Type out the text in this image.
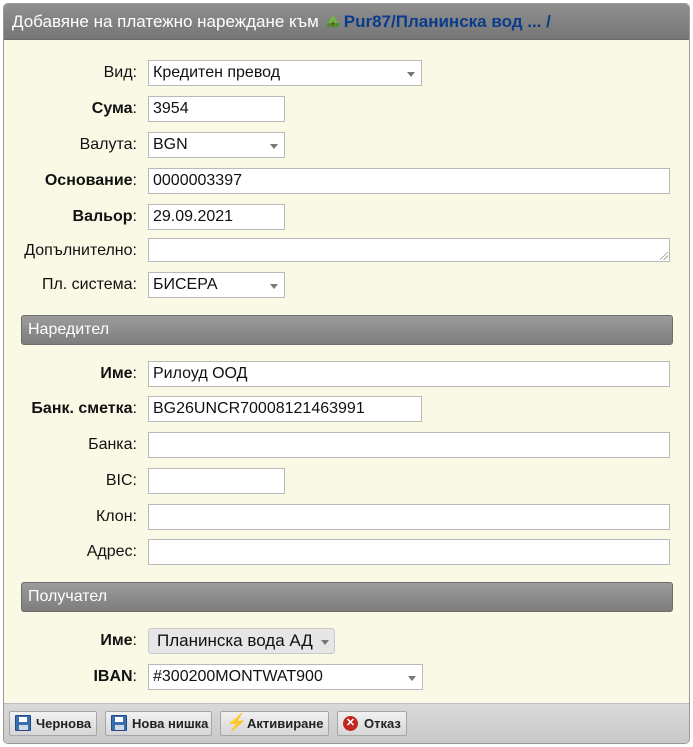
Добавяне на платежно нареждане към Pur87/Планинска вод ... /
Вид:	Кредитен превод
Сума:	3954
Валута:	BGN
Основание:	0000003397
Вальор:	29.09.2021
Допълнително:
Пл. система:	БИСЕРА
Наредител
Име:	Рилоуд ООД
Банк. сметка:	BG26UNCR70008121463991
Банка:
BIC:
Клон:
Адрес:
Получател
Име:	Планинска вода АД
IBAN:	#300200MONTWAT900
Чернова	Нова нишка ⚡ Активиране	✕ Отказ
